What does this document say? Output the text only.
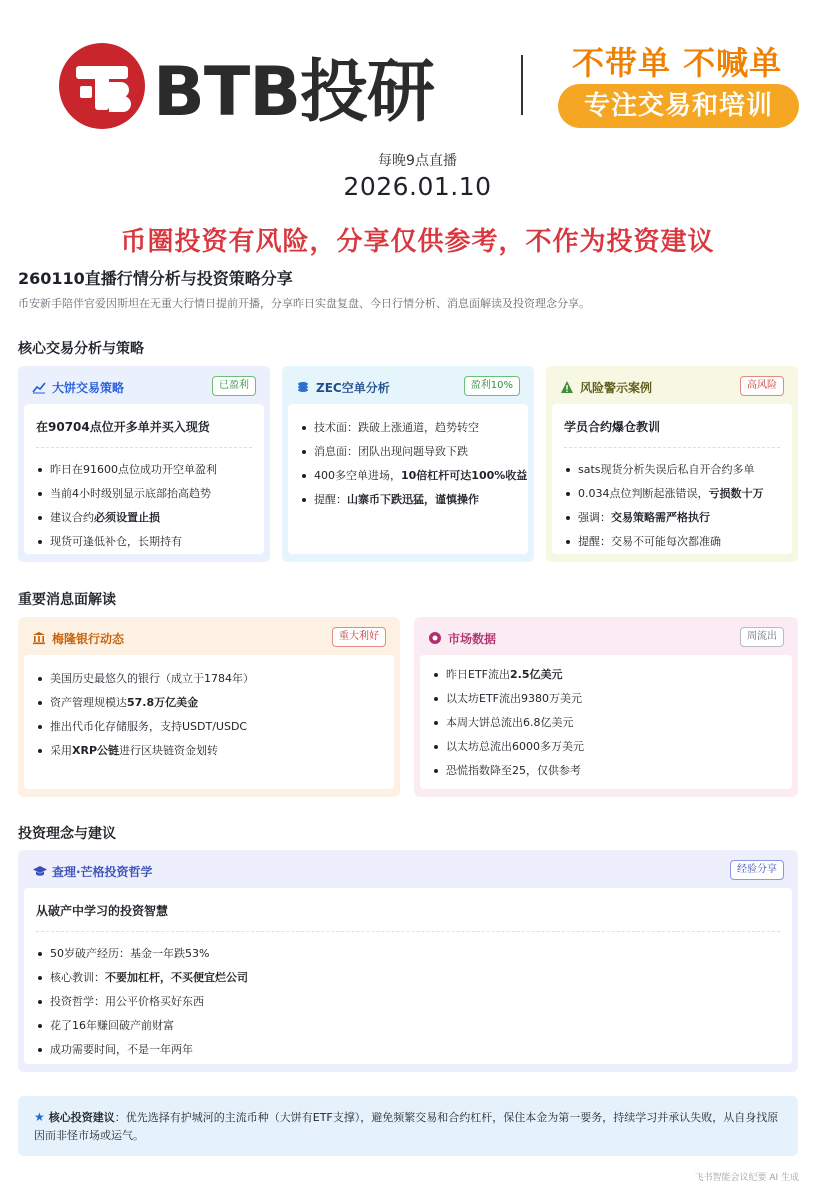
BTB投研	不带单 不喊单
专注交易和培训
每晚9点直播
2026.01.10
币圈投资有风险，分享仅供参考，不作为投资建议
260110直播行情分析与投资策略分享
币安新手陪伴官爱因斯坦在无重大行情日提前开播，分享昨日实盘复盘、今日行情分析、消息面解读及投资理念分享。
核心交易分析与策略
大饼交易策略	已盈利
在90704点位开多单并买入现货
昨日在91600点位成功开空单盈利
当前4小时级别显示底部抬高趋势
建议合约必须设置止损
现货可逢低补仓，长期持有
ZEC空单分析	盈利10%
技术面：跌破上涨通道，趋势转空
消息面：团队出现问题导致下跌
400多空单进场，10倍杠杆可达100%收益
提醒：山寨币下跌迅猛，谨慎操作
风险警示案例	高风险
学员合约爆仓教训
sats现货分析失误后私自开合约多单
0.034点位判断起涨错误，亏损数十万
强调：交易策略需严格执行
提醒：交易不可能每次都准确
重要消息面解读
梅隆银行动态	重大利好
美国历史最悠久的银行（成立于1784年）
资产管理规模达57.8万亿美金
推出代币化存储服务，支持USDT/USDC
采用XRP公链进行区块链资金划转
市场数据	周流出
昨日ETF流出2.5亿美元
以太坊ETF流出9380万美元
本周大饼总流出6.8亿美元
以太坊总流出6000多万美元
恐慌指数降至25，仅供参考
投资理念与建议
查理·芒格投资哲学	经验分享
从破产中学习的投资智慧
50岁破产经历：基金一年跌53%
核心教训：不要加杠杆，不买便宜烂公司
投资哲学：用公平价格买好东西
花了16年赚回破产前财富
成功需要时间，不是一年两年
★ 核心投资建议：优先选择有护城河的主流币种（大饼有ETF支撑），避免频繁交易和合约杠杆，保住本金为第一要务，持续学习并承认失败，从自身找原因而非怪市场或运气。
飞书智能会议纪要 AI 生成
